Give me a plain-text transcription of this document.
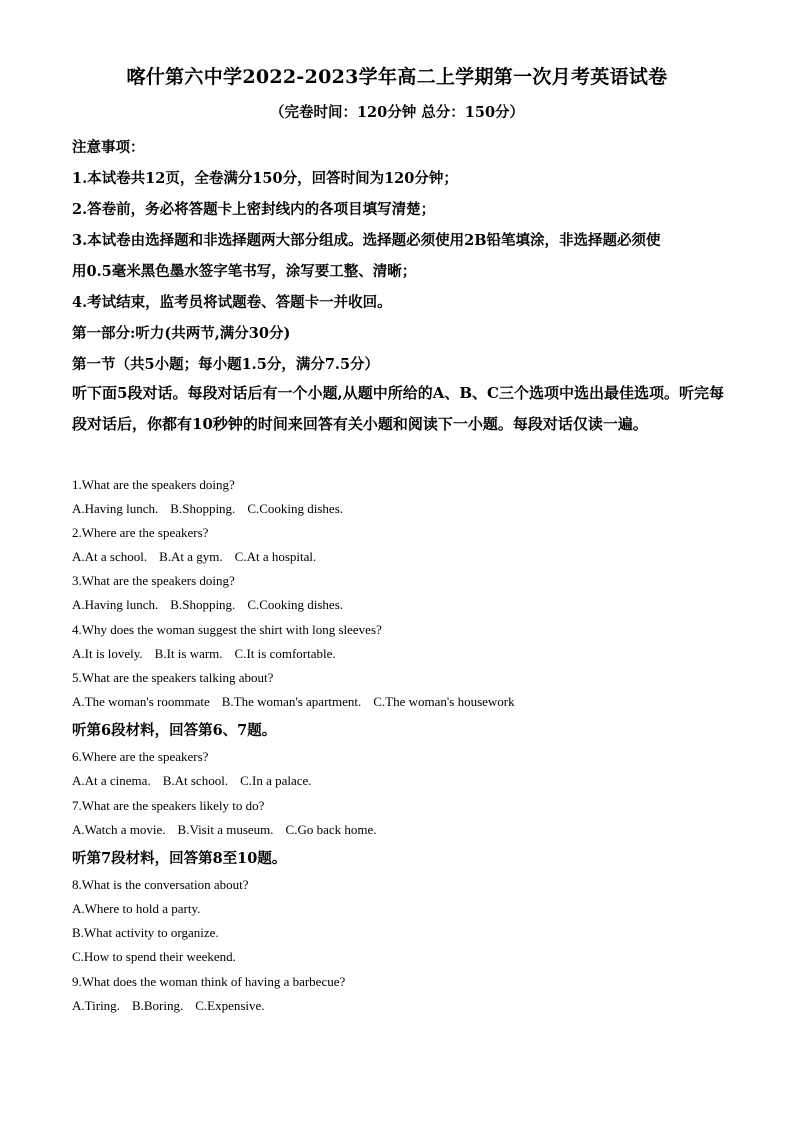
喀什第六中学2022-2023学年高二上学期第一次月考英语试卷
（完卷时间：120分钟 总分：150分）
注意事项：
1.本试卷共12页，全卷满分150分，回答时间为120分钟；
2.答卷前，务必将答题卡上密封线内的各项目填写清楚；
3.本试卷由选择题和非选择题两大部分组成。选择题必须使用2B铅笔填涂，非选择题必须使
用0.5毫米黑色墨水签字笔书写，涂写要工整、清晰；
4.考试结束，监考员将试题卷、答题卡一并收回。
第一部分:听力(共两节,满分30分)
第一节（共5小题；每小题1.5分，满分7.5分）

听下面5段对话。每段对话后有一个小题,从题中所给的A、B、C三个选项中选出最佳选项。听完每段对话后，你都有10秒钟的时间来回答有关小题和阅读下一小题。每段对话仅读一遍。

1.What are the speakers doing?
A.Having lunch. B.Shopping. C.Cooking dishes.
2.Where are the speakers?
A.At a school. B.At a gym. C.At a hospital.
3.What are the speakers doing?
A.Having lunch. B.Shopping. C.Cooking dishes.
4.Why does the woman suggest the shirt with long sleeves?
A.It is lovely. B.It is warm. C.It is comfortable.
5.What are the speakers talking about?
A.The woman's roommate B.The woman's apartment. C.The woman's housework
听第6段材料，回答第6、7题。
6.Where are the speakers?
A.At a cinema. B.At school. C.In a palace.
7.What are the speakers likely to do?
A.Watch a movie. B.Visit a museum. C.Go back home.
听第7段材料，回答第8至10题。
8.What is the conversation about?
A.Where to hold a party.
B.What activity to organize.
C.How to spend their weekend.
9.What does the woman think of having a barbecue?
A.Tiring. B.Boring. C.Expensive.
